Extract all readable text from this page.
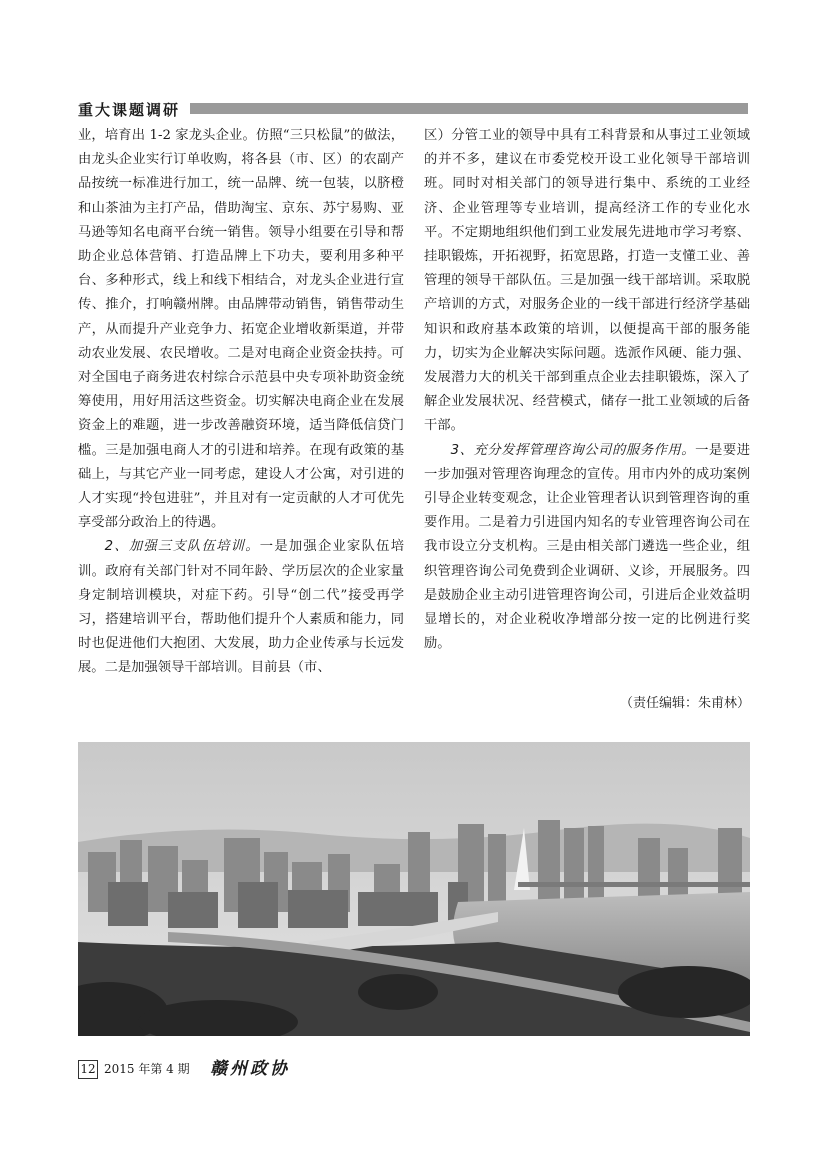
重大课题调研

业，培育出 1-2 家龙头企业。仿照“三只松鼠”的做法，由龙头企业实行订单收购，将各县（市、区）的农副产品按统一标准进行加工，统一品牌、统一包装，以脐橙和山茶油为主打产品，借助淘宝、京东、苏宁易购、亚马逊等知名电商平台统一销售。领导小组要在引导和帮助企业总体营销、打造品牌上下功夫，要利用多种平台、多种形式，线上和线下相结合，对龙头企业进行宣传、推介，打响赣州牌。由品牌带动销售，销售带动生产，从而提升产业竞争力、拓宽企业增收新渠道，并带动农业发展、农民增收。二是对电商企业资金扶持。可对全国电子商务进农村综合示范县中央专项补助资金统筹使用，用好用活这些资金。切实解决电商企业在发展资金上的难题，进一步改善融资环境，适当降低信贷门槛。三是加强电商人才的引进和培养。在现有政策的基础上，与其它产业一同考虑，建设人才公寓，对引进的人才实现“拎包进驻”，并且对有一定贡献的人才可优先享受部分政治上的待遇。

2、加强三支队伍培训。一是加强企业家队伍培训。政府有关部门针对不同年龄、学历层次的企业家量身定制培训模块，对症下药。引导“创二代”接受再学习，搭建培训平台，帮助他们提升个人素质和能力，同时也促进他们大抱团、大发展，助力企业传承与长远发展。二是加强领导干部培训。目前县（市、

区）分管工业的领导中具有工科背景和从事过工业领域的并不多，建议在市委党校开设工业化领导干部培训班。同时对相关部门的领导进行集中、系统的工业经济、企业管理等专业培训，提高经济工作的专业化水平。不定期地组织他们到工业发展先进地市学习考察、挂职锻炼，开拓视野，拓宽思路，打造一支懂工业、善管理的领导干部队伍。三是加强一线干部培训。采取脱产培训的方式，对服务企业的一线干部进行经济学基础知识和政府基本政策的培训，以便提高干部的服务能力，切实为企业解决实际问题。选派作风硬、能力强、发展潜力大的机关干部到重点企业去挂职锻炼，深入了解企业发展状况、经营模式，储存一批工业领域的后备干部。

3、充分发挥管理咨询公司的服务作用。一是要进一步加强对管理咨询理念的宣传。用市内外的成功案例引导企业转变观念，让企业管理者认识到管理咨询的重要作用。二是着力引进国内知名的专业管理咨询公司在我市设立分支机构。三是由相关部门遴选一些企业，组织管理咨询公司免费到企业调研、义诊，开展服务。四是鼓励企业主动引进管理咨询公司，引进后企业效益明显增长的，对企业税收净增部分按一定的比例进行奖励。

（责任编辑：朱甫林）
12 2015 年第 4 期 赣州政协
